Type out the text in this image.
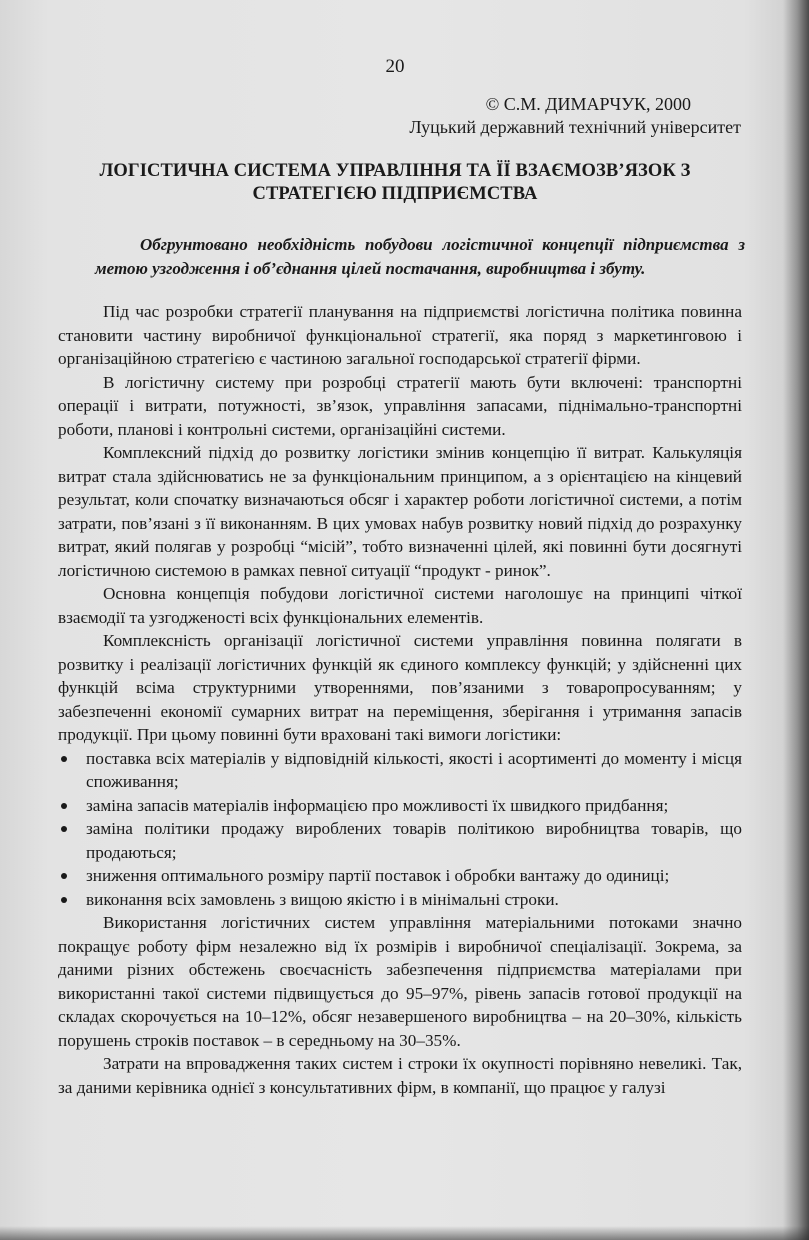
20
© С.М. ДИМАРЧУК, 2000
Луцький державний технічний університет
ЛОГІСТИЧНА СИСТЕМА УПРАВЛІННЯ ТА ЇЇ ВЗАЄМОЗВ’ЯЗОК З СТРАТЕГІЄЮ ПІДПРИЄМСТВА
Обгрунтовано необхідність побудови логістичної концепції підприємства з метою узгодження і об’єднання цілей постачання, виробництва і збуту.

Під час розробки стратегії планування на підприємстві логістична політика повинна становити частину виробничої функціональної стратегії, яка поряд з маркетинговою і організаційною стратегією є частиною загальної господарської стратегії фірми.

В логістичну систему при розробці стратегії мають бути включені: транспортні операції і витрати, потужності, зв’язок, управління запасами, піднімально-транспортні роботи, планові і контрольні системи, організаційні системи.

Комплексний підхід до розвитку логістики змінив концепцію її витрат. Калькуляція витрат стала здійснюватись не за функціональним принципом, а з орієнтацією на кінцевий результат, коли спочатку визначаються обсяг і характер роботи логістичної системи, а потім затрати, пов’язані з її виконанням. В цих умовах набув розвитку новий підхід до розрахунку витрат, який полягав у розробці “місій”, тобто визначенні цілей, які повинні бути досягнуті логістичною системою в рамках певної ситуації “продукт - ринок”.

Основна концепція побудови логістичної системи наголошує на принципі чіткої взаємодії та узгодженості всіх функціональних елементів.

Комплексність організації логістичної системи управління повинна полягати в розвитку і реалізації логістичних функцій як єдиного комплексу функцій; у здійсненні цих функцій всіма структурними утвореннями, пов’язаними з товаропросуванням; у забезпеченні економії сумарних витрат на переміщення, зберігання і утримання запасів продукції. При цьому повинні бути враховані такі вимоги логістики:

поставка всіх матеріалів у відповідній кількості, якості і асортименті до моменту і місця споживання;
заміна запасів матеріалів інформацією про можливості їх швидкого придбання;
заміна політики продажу вироблених товарів політикою виробництва товарів, що продаються;
зниження оптимального розміру партії поставок і обробки вантажу до одиниці;
виконання всіх замовлень з вищою якістю і в мінімальні строки.

Використання логістичних систем управління матеріальними потоками значно покращує роботу фірм незалежно від їх розмірів і виробничої спеціалізації. Зокрема, за даними різних обстежень своєчасність забезпечення підприємства матеріалами при використанні такої системи підвищується до 95–97%, рівень запасів готової продукції на складах скорочується на 10–12%, обсяг незавершеного виробництва – на 20–30%, кількість порушень строків поставок – в середньому на 30–35%.

Затрати на впровадження таких систем і строки їх окупності порівняно невеликі. Так, за даними керівника однієї з консультативних фірм, в компанії, що працює у галузі
